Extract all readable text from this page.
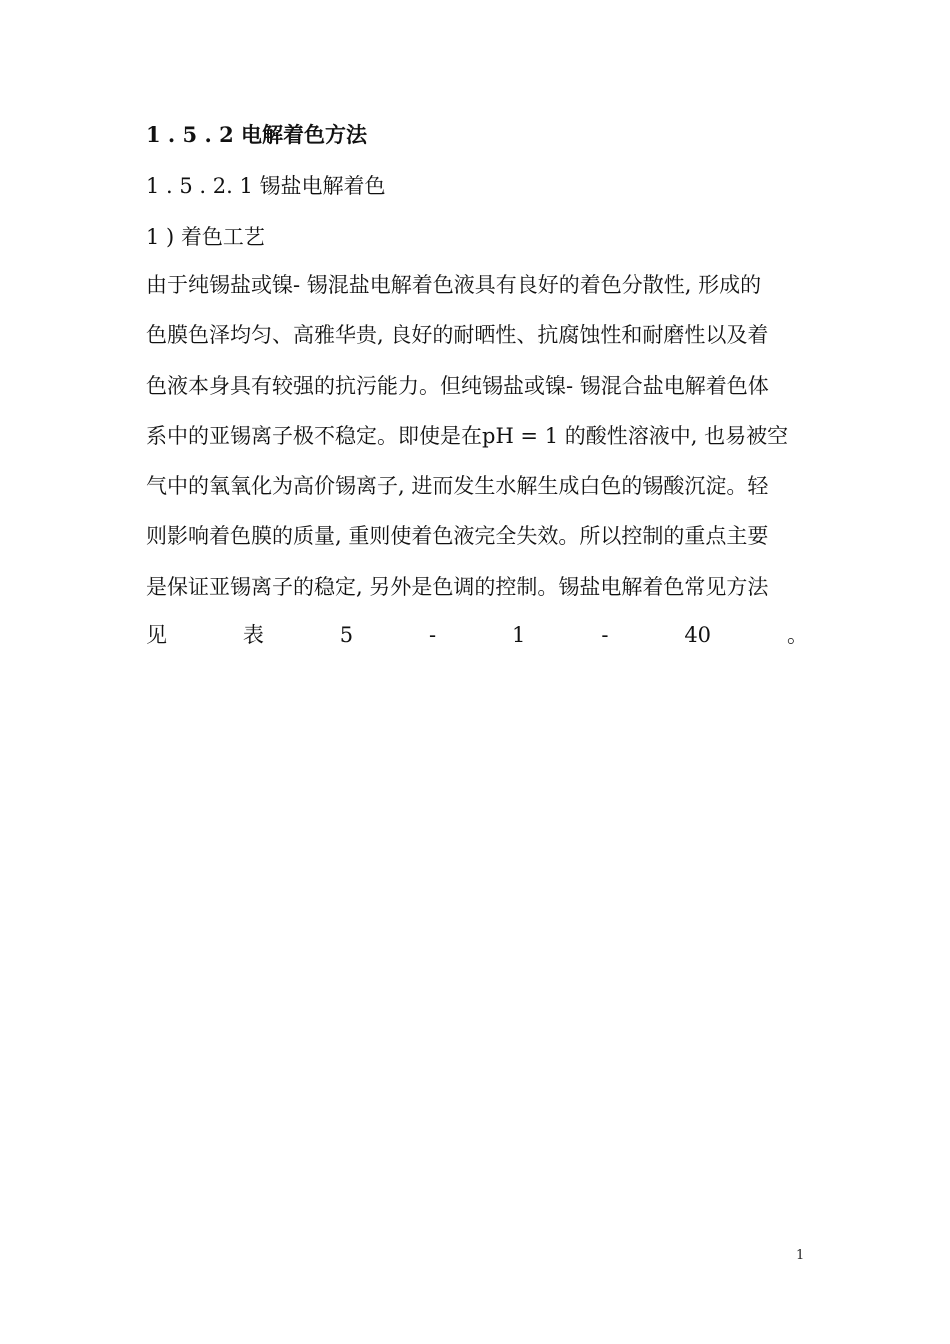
1 . 5 . 2 电解着色方法
1 . 5 . 2. 1 锡盐电解着色
1 ) 着色工艺
由于纯锡盐或镍- 锡混盐电解着色液具有良好的着色分散性, 形成的
色膜色泽均匀、高雅华贵, 良好的耐晒性、抗腐蚀性和耐磨性以及着
色液本身具有较强的抗污能力。但纯锡盐或镍- 锡混合盐电解着色体
系中的亚锡离子极不稳定。即使是在pH = 1 的酸性溶液中, 也易被空
气中的氧氧化为高价锡离子, 进而发生水解生成白色的锡酸沉淀。轻
则影响着色膜的质量, 重则使着色液完全失效。所以控制的重点主要
是保证亚锡离子的稳定, 另外是色调的控制。锡盐电解着色常见方法
见	表	5	-	1	-	40	。
1
